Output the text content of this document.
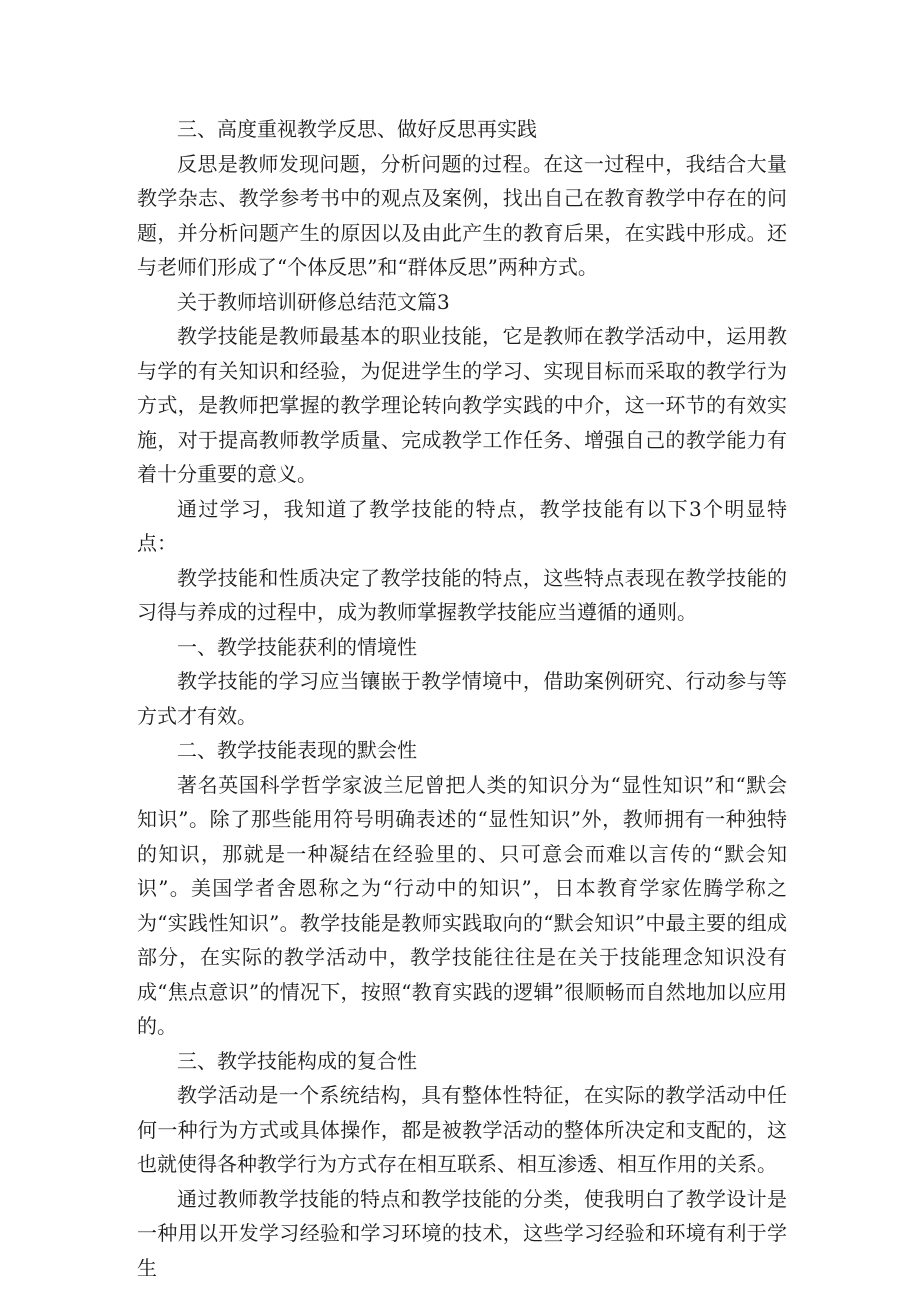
三、高度重视教学反思、做好反思再实践

反思是教师发现问题，分析问题的过程。在这一过程中，我结合大量教学杂志、教学参考书中的观点及案例，找出自己在教育教学中存在的问题，并分析问题产生的原因以及由此产生的教育后果，在实践中形成。还与老师们形成了“个体反思”和“群体反思”两种方式。

关于教师培训研修总结范文篇3

教学技能是教师最基本的职业技能，它是教师在教学活动中，运用教与学的有关知识和经验，为促进学生的学习、实现目标而采取的教学行为方式，是教师把掌握的教学理论转向教学实践的中介，这一环节的有效实施，对于提高教师教学质量、完成教学工作任务、增强自己的教学能力有着十分重要的意义。

通过学习，我知道了教学技能的特点，教学技能有以下3个明显特点：

教学技能和性质决定了教学技能的特点，这些特点表现在教学技能的习得与养成的过程中，成为教师掌握教学技能应当遵循的通则。

一、教学技能获利的情境性

教学技能的学习应当镶嵌于教学情境中，借助案例研究、行动参与等方式才有效。

二、教学技能表现的默会性

著名英国科学哲学家波兰尼曾把人类的知识分为“显性知识”和“默会知识”。除了那些能用符号明确表述的“显性知识”外，教师拥有一种独特的知识，那就是一种凝结在经验里的、只可意会而难以言传的“默会知识”。美国学者舍恩称之为“行动中的知识”，日本教育学家佐腾学称之为“实践性知识”。教学技能是教师实践取向的“默会知识”中最主要的组成部分，在实际的教学活动中，教学技能往往是在关于技能理念知识没有成“焦点意识”的情况下，按照“教育实践的逻辑”很顺畅而自然地加以应用的。

三、教学技能构成的复合性

教学活动是一个系统结构，具有整体性特征，在实际的教学活动中任何一种行为方式或具体操作，都是被教学活动的整体所决定和支配的，这也就使得各种教学行为方式存在相互联系、相互渗透、相互作用的关系。

通过教师教学技能的特点和教学技能的分类，使我明白了教学设计是一种用以开发学习经验和学习环境的技术，这些学习经验和环境有利于学生
